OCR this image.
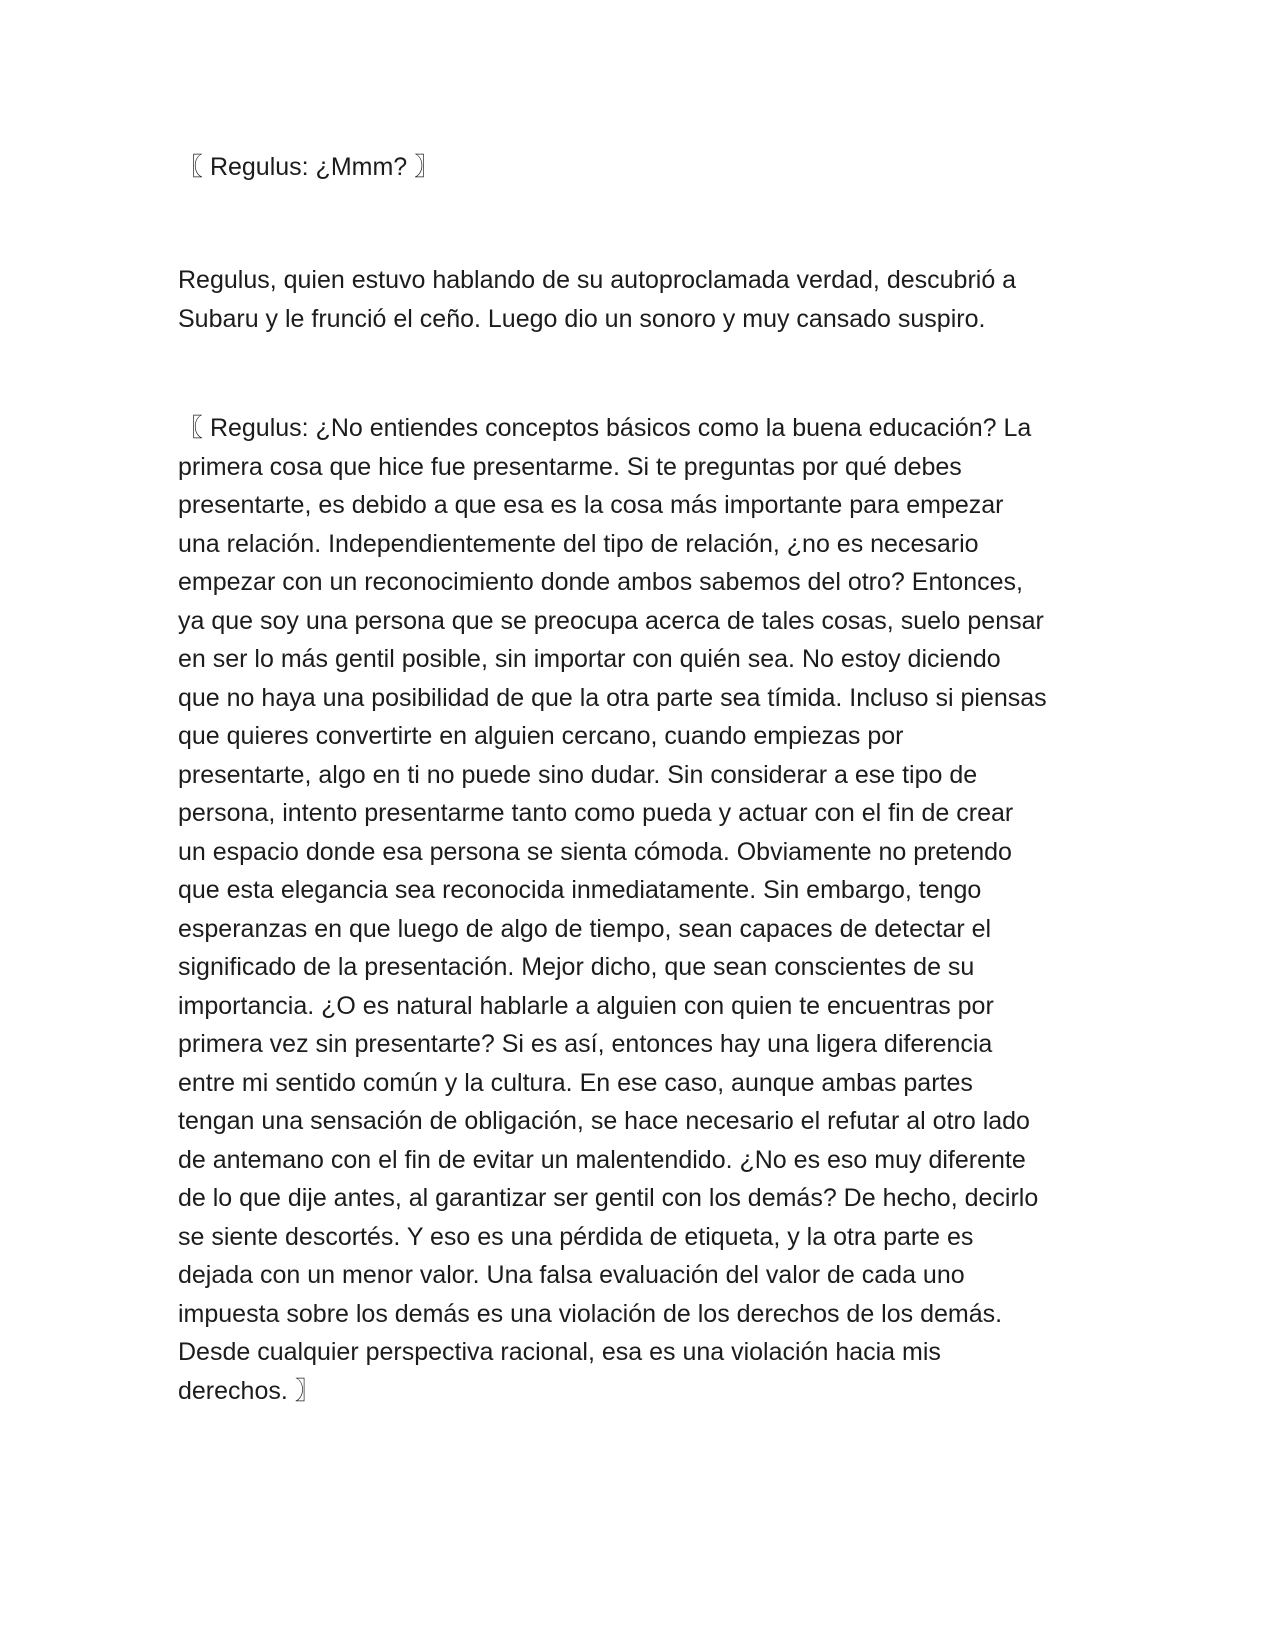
〖 Regulus: ¿Mmm? 〗

Regulus, quien estuvo hablando de su autoproclamada verdad, descubrió a
Subaru y le frunció el ceño. Luego dio un sonoro y muy cansado suspiro.

〖 Regulus: ¿No entiendes conceptos básicos como la buena educación? La
primera cosa que hice fue presentarme. Si te preguntas por qué debes
presentarte, es debido a que esa es la cosa más importante para empezar
una relación. Independientemente del tipo de relación, ¿no es necesario
empezar con un reconocimiento donde ambos sabemos del otro? Entonces,
ya que soy una persona que se preocupa acerca de tales cosas, suelo pensar
en ser lo más gentil posible, sin importar con quién sea. No estoy diciendo
que no haya una posibilidad de que la otra parte sea tímida. Incluso si piensas
que quieres convertirte en alguien cercano, cuando empiezas por
presentarte, algo en ti no puede sino dudar. Sin considerar a ese tipo de
persona, intento presentarme tanto como pueda y actuar con el fin de crear
un espacio donde esa persona se sienta cómoda. Obviamente no pretendo
que esta elegancia sea reconocida inmediatamente. Sin embargo, tengo
esperanzas en que luego de algo de tiempo, sean capaces de detectar el
significado de la presentación. Mejor dicho, que sean conscientes de su
importancia. ¿O es natural hablarle a alguien con quien te encuentras por
primera vez sin presentarte? Si es así, entonces hay una ligera diferencia
entre mi sentido común y la cultura. En ese caso, aunque ambas partes
tengan una sensación de obligación, se hace necesario el refutar al otro lado
de antemano con el fin de evitar un malentendido. ¿No es eso muy diferente
de lo que dije antes, al garantizar ser gentil con los demás? De hecho, decirlo
se siente descortés. Y eso es una pérdida de etiqueta, y la otra parte es
dejada con un menor valor. Una falsa evaluación del valor de cada uno
impuesta sobre los demás es una violación de los derechos de los demás.
Desde cualquier perspectiva racional, esa es una violación hacia mis
derechos. 〗
